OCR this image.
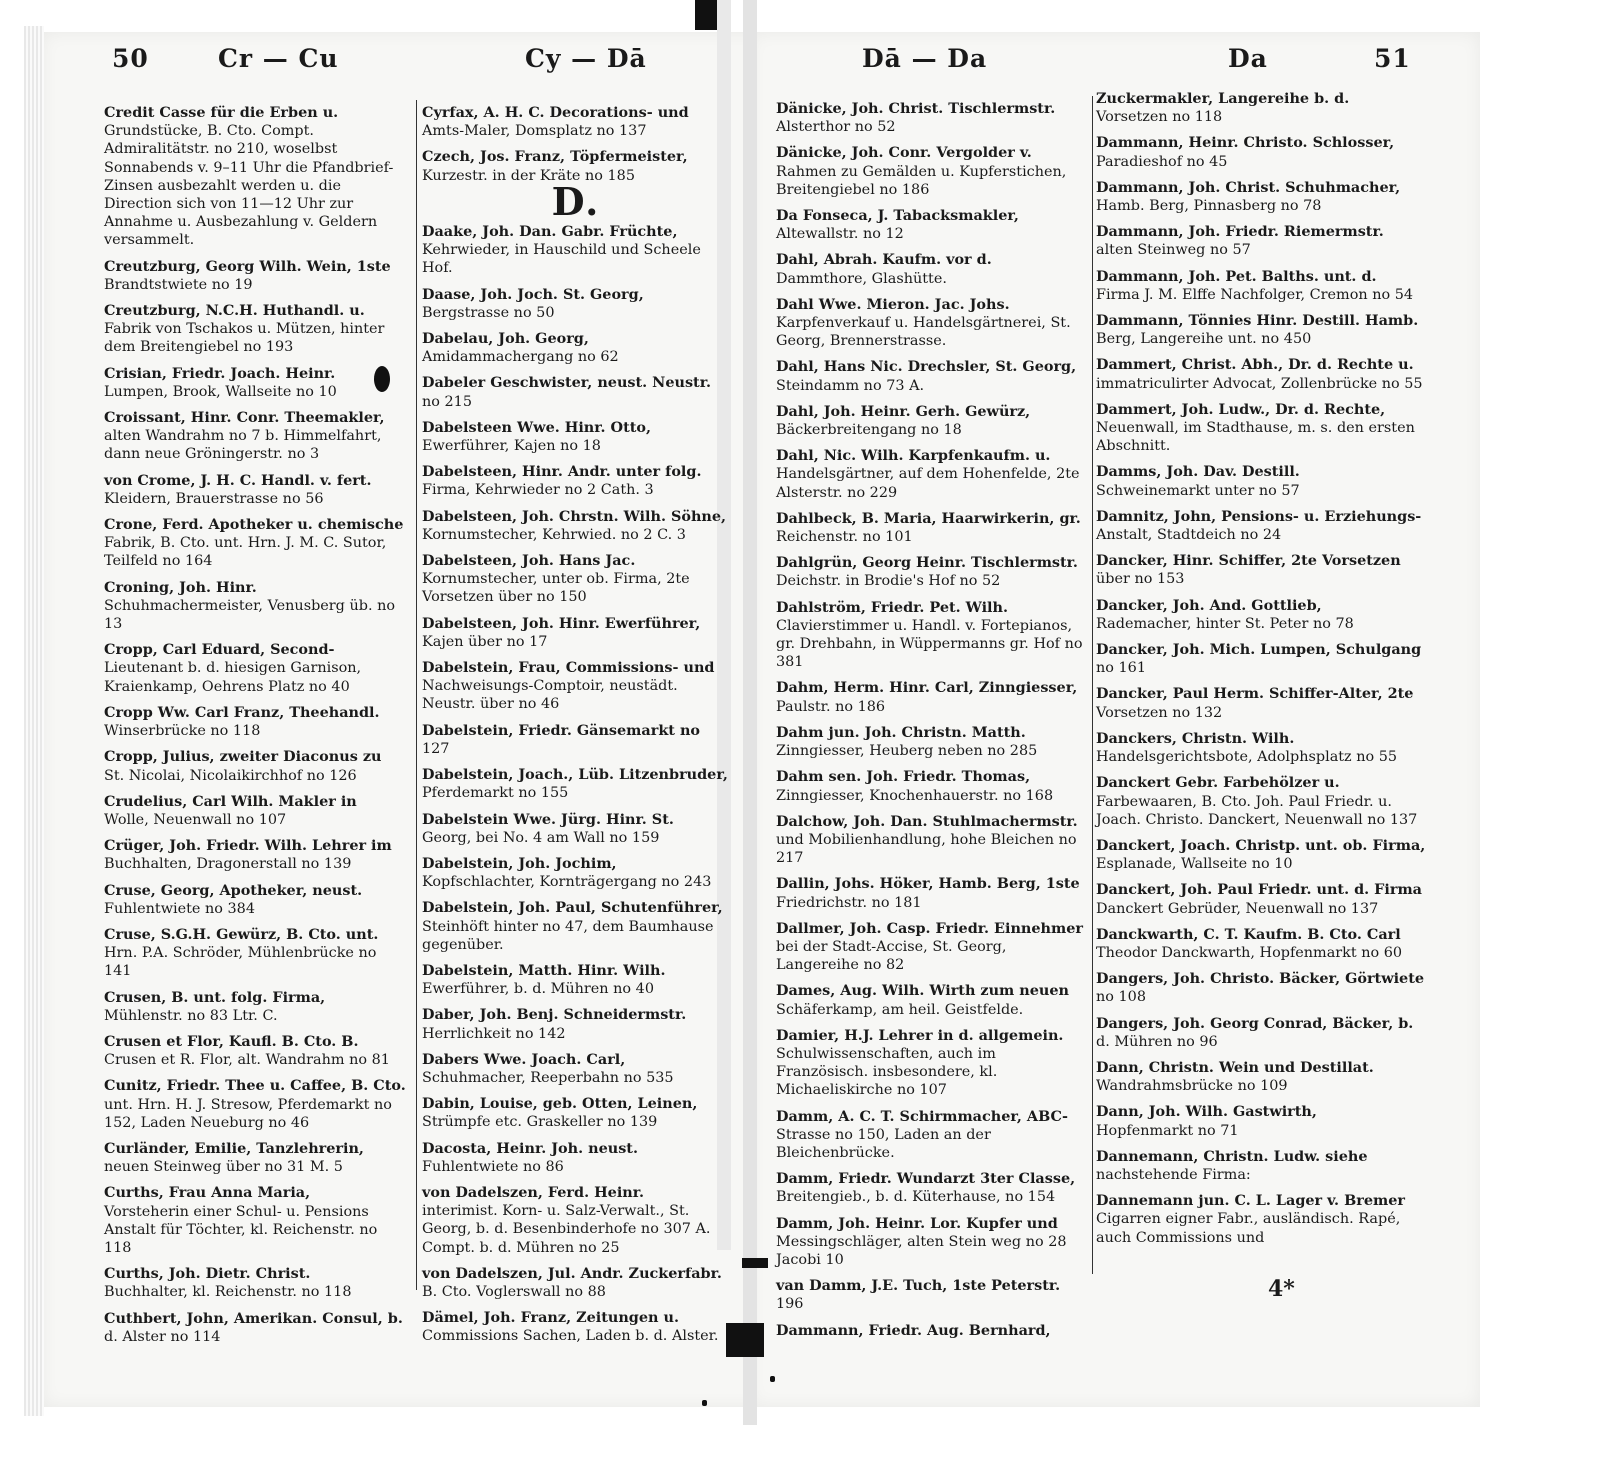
50	Cr — Cu	Cy — Dā	Dā — Da	Da	51
Credit Casse für die Erben u. Grundstücke, B. Cto. Compt. Admiralitätstr. no 210, woselbst Sonnabends v. 9–11 Uhr die Pfandbrief-Zinsen ausbezahlt werden u. die Direction sich von 11—12 Uhr zur Annahme u. Ausbezahlung v. Geldern versammelt.
Creutzburg, Georg Wilh. Wein, 1ste Brandtstwiete no 19
Creutzburg, N.C.H. Huthandl. u. Fabrik von Tschakos u. Mützen, hinter dem Breitengiebel no 193
Crisian, Friedr. Joach. Heinr. Lumpen, Brook, Wallseite no 10
Croissant, Hinr. Conr. Theemakler, alten Wandrahm no 7 b. Himmelfahrt, dann neue Gröningerstr. no 3
von Crome, J. H. C. Handl. v. fert. Kleidern, Brauerstrasse no 56
Crone, Ferd. Apotheker u. chemische Fabrik, B. Cto. unt. Hrn. J. M. C. Sutor, Teilfeld no 164
Croning, Joh. Hinr. Schuhmachermeister, Venusberg üb. no 13
Cropp, Carl Eduard, Second-Lieutenant b. d. hiesigen Garnison, Kraienkamp, Oehrens Platz no 40
Cropp Ww. Carl Franz, Theehandl. Winserbrücke no 118
Cropp, Julius, zweiter Diaconus zu St. Nicolai, Nicolaikirchhof no 126
Crudelius, Carl Wilh. Makler in Wolle, Neuenwall no 107
Crüger, Joh. Friedr. Wilh. Lehrer im Buchhalten, Dragonerstall no 139
Cruse, Georg, Apotheker, neust. Fuhlentwiete no 384
Cruse, S.G.H. Gewürz, B. Cto. unt. Hrn. P.A. Schröder, Mühlenbrücke no 141
Crusen, B. unt. folg. Firma, Mühlenstr. no 83 Ltr. C.
Crusen et Flor, Kaufl. B. Cto. B. Crusen et R. Flor, alt. Wandrahm no 81
Cunitz, Friedr. Thee u. Caffee, B. Cto. unt. Hrn. H. J. Stresow, Pferdemarkt no 152, Laden Neueburg no 46
Curländer, Emilie, Tanzlehrerin, neuen Steinweg über no 31 M. 5
Curths, Frau Anna Maria, Vorsteherin einer Schul- u. Pensions Anstalt für Töchter, kl. Reichenstr. no 118
Curths, Joh. Dietr. Christ. Buchhalter, kl. Reichenstr. no 118
Cuthbert, John, Amerikan. Consul, b. d. Alster no 114
Cyrfax, A. H. C. Decorations- und Amts-Maler, Domsplatz no 137
Czech, Jos. Franz, Töpfermeister, Kurzestr. in der Kräte no 185
D.
Daake, Joh. Dan. Gabr. Früchte, Kehrwieder, in Hauschild und Scheele Hof.
Daase, Joh. Joch. St. Georg, Bergstrasse no 50
Dabelau, Joh. Georg, Amidammachergang no 62
Dabeler Geschwister, neust. Neustr. no 215
Dabelsteen Wwe. Hinr. Otto, Ewerführer, Kajen no 18
Dabelsteen, Hinr. Andr. unter folg. Firma, Kehrwieder no 2 Cath. 3
Dabelsteen, Joh. Chrstn. Wilh. Söhne, Kornumstecher, Kehrwied. no 2 C. 3
Dabelsteen, Joh. Hans Jac. Kornumstecher, unter ob. Firma, 2te Vorsetzen über no 150
Dabelsteen, Joh. Hinr. Ewerführer, Kajen über no 17
Dabelstein, Frau, Commissions- und Nachweisungs-Comptoir, neustädt. Neustr. über no 46
Dabelstein, Friedr. Gänsemarkt no 127
Dabelstein, Joach., Lüb. Litzenbruder, Pferdemarkt no 155
Dabelstein Wwe. Jürg. Hinr. St. Georg, bei No. 4 am Wall no 159
Dabelstein, Joh. Jochim, Kopfschlachter, Kornträgergang no 243
Dabelstein, Joh. Paul, Schutenführer, Steinhöft hinter no 47, dem Baumhause gegenüber.
Dabelstein, Matth. Hinr. Wilh. Ewerführer, b. d. Mühren no 40
Daber, Joh. Benj. Schneidermstr. Herrlichkeit no 142
Dabers Wwe. Joach. Carl, Schuhmacher, Reeperbahn no 535
Dabin, Louise, geb. Otten, Leinen, Strümpfe etc. Graskeller no 139
Dacosta, Heinr. Joh. neust. Fuhlentwiete no 86
von Dadelszen, Ferd. Heinr. interimist. Korn- u. Salz-Verwalt., St. Georg, b. d. Besenbinderhofe no 307 A. Compt. b. d. Mühren no 25
von Dadelszen, Jul. Andr. Zuckerfabr. B. Cto. Voglerswall no 88
Dämel, Joh. Franz, Zeitungen u. Commissions Sachen, Laden b. d. Alster.
Dänicke, Joh. Christ. Tischlermstr. Alsterthor no 52
Dänicke, Joh. Conr. Vergolder v. Rahmen zu Gemälden u. Kupferstichen, Breitengiebel no 186
Da Fonseca, J. Tabacksmakler, Altewallstr. no 12
Dahl, Abrah. Kaufm. vor d. Dammthore, Glashütte.
Dahl Wwe. Mieron. Jac. Johs. Karpfenverkauf u. Handelsgärtnerei, St. Georg, Brennerstrasse.
Dahl, Hans Nic. Drechsler, St. Georg, Steindamm no 73 A.
Dahl, Joh. Heinr. Gerh. Gewürz, Bäckerbreitengang no 18
Dahl, Nic. Wilh. Karpfenkaufm. u. Handelsgärtner, auf dem Hohenfelde, 2te Alsterstr. no 229
Dahlbeck, B. Maria, Haarwirkerin, gr. Reichenstr. no 101
Dahlgrün, Georg Heinr. Tischlermstr. Deichstr. in Brodie's Hof no 52
Dahlström, Friedr. Pet. Wilh. Clavierstimmer u. Handl. v. Fortepianos, gr. Drehbahn, in Wüppermanns gr. Hof no 381
Dahm, Herm. Hinr. Carl, Zinngiesser, Paulstr. no 186
Dahm jun. Joh. Christn. Matth. Zinngiesser, Heuberg neben no 285
Dahm sen. Joh. Friedr. Thomas, Zinngiesser, Knochenhauerstr. no 168
Dalchow, Joh. Dan. Stuhlmachermstr. und Mobilienhandlung, hohe Bleichen no 217
Dallin, Johs. Höker, Hamb. Berg, 1ste Friedrichstr. no 181
Dallmer, Joh. Casp. Friedr. Einnehmer bei der Stadt-Accise, St. Georg, Langereihe no 82
Dames, Aug. Wilh. Wirth zum neuen Schäferkamp, am heil. Geistfelde.
Damier, H.J. Lehrer in d. allgemein. Schulwissenschaften, auch im Französisch. insbesondere, kl. Michaeliskirche no 107
Damm, A. C. T. Schirmmacher, ABC-Strasse no 150, Laden an der Bleichenbrücke.
Damm, Friedr. Wundarzt 3ter Classe, Breitengieb., b. d. Küterhause, no 154
Damm, Joh. Heinr. Lor. Kupfer und Messingschläger, alten Stein weg no 28 Jacobi 10
van Damm, J.E. Tuch, 1ste Peterstr. 196
Dammann, Friedr. Aug. Bernhard,
Zuckermakler, Langereihe b. d. Vorsetzen no 118
Dammann, Heinr. Christo. Schlosser, Paradieshof no 45
Dammann, Joh. Christ. Schuhmacher, Hamb. Berg, Pinnasberg no 78
Dammann, Joh. Friedr. Riemermstr. alten Steinweg no 57
Dammann, Joh. Pet. Balths. unt. d. Firma J. M. Elffe Nachfolger, Cremon no 54
Dammann, Tönnies Hinr. Destill. Hamb. Berg, Langereihe unt. no 450
Dammert, Christ. Abh., Dr. d. Rechte u. immatriculirter Advocat, Zollenbrücke no 55
Dammert, Joh. Ludw., Dr. d. Rechte, Neuenwall, im Stadthause, m. s. den ersten Abschnitt.
Damms, Joh. Dav. Destill. Schweinemarkt unter no 57
Damnitz, John, Pensions- u. Erziehungs-Anstalt, Stadtdeich no 24
Dancker, Hinr. Schiffer, 2te Vorsetzen über no 153
Dancker, Joh. And. Gottlieb, Rademacher, hinter St. Peter no 78
Dancker, Joh. Mich. Lumpen, Schulgang no 161
Dancker, Paul Herm. Schiffer-Alter, 2te Vorsetzen no 132
Danckers, Christn. Wilh. Handelsgerichtsbote, Adolphsplatz no 55
Danckert Gebr. Farbehölzer u. Farbewaaren, B. Cto. Joh. Paul Friedr. u. Joach. Christo. Danckert, Neuenwall no 137
Danckert, Joach. Christp. unt. ob. Firma, Esplanade, Wallseite no 10
Danckert, Joh. Paul Friedr. unt. d. Firma Danckert Gebrüder, Neuenwall no 137
Danckwarth, C. T. Kaufm. B. Cto. Carl Theodor Danckwarth, Hopfenmarkt no 60
Dangers, Joh. Christo. Bäcker, Görtwiete no 108
Dangers, Joh. Georg Conrad, Bäcker, b. d. Mühren no 96
Dann, Christn. Wein und Destillat. Wandrahmsbrücke no 109
Dann, Joh. Wilh. Gastwirth, Hopfenmarkt no 71
Dannemann, Christn. Ludw. siehe nachstehende Firma:
Dannemann jun. C. L. Lager v. Bremer Cigarren eigner Fabr., ausländisch. Rapé, auch Commissions und
4*
